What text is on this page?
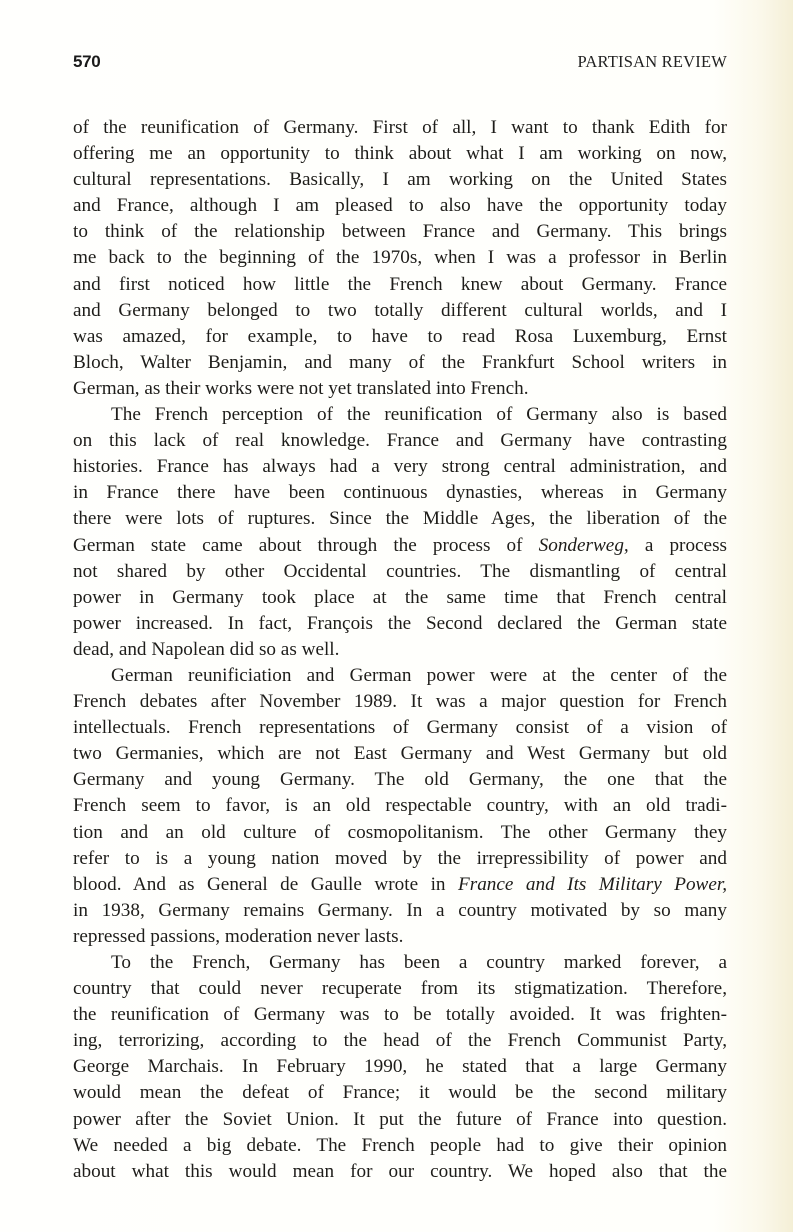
570	PARTISAN REVIEW
of the reunification of Germany. First of all, I want to thank Edith for
offering me an opportunity to think about what I am working on now,
cultural representations. Basically, I am working on the United States
and France, although I am pleased to also have the opportunity today
to think of the relationship between France and Germany. This brings
me back to the beginning of the 1970s, when I was a professor in Berlin
and first noticed how little the French knew about Germany. France
and Germany belonged to two totally different cultural worlds, and I
was amazed, for example, to have to read Rosa Luxemburg, Ernst
Bloch, Walter Benjamin, and many of the Frankfurt School writers in
German, as their works were not yet translated into French.
The French perception of the reunification of Germany also is based
on this lack of real knowledge. France and Germany have contrasting
histories. France has always had a very strong central administration, and
in France there have been continuous dynasties, whereas in Germany
there were lots of ruptures. Since the Middle Ages, the liberation of the
German state came about through the process of Sonderweg, a process
not shared by other Occidental countries. The dismantling of central
power in Germany took place at the same time that French central
power increased. In fact, François the Second declared the German state
dead, and Napolean did so as well.
German reunificiation and German power were at the center of the
French debates after November 1989. It was a major question for French
intellectuals. French representations of Germany consist of a vision of
two Germanies, which are not East Germany and West Germany but old
Germany and young Germany. The old Germany, the one that the
French seem to favor, is an old respectable country, with an old tradi-
tion and an old culture of cosmopolitanism. The other Germany they
refer to is a young nation moved by the irrepressibility of power and
blood. And as General de Gaulle wrote in France and Its Military Power,
in 1938, Germany remains Germany. In a country motivated by so many
repressed passions, moderation never lasts.
To the French, Germany has been a country marked forever, a
country that could never recuperate from its stigmatization. Therefore,
the reunification of Germany was to be totally avoided. It was frighten-
ing, terrorizing, according to the head of the French Communist Party,
George Marchais. In February 1990, he stated that a large Germany
would mean the defeat of France; it would be the second military
power after the Soviet Union. It put the future of France into question.
We needed a big debate. The French people had to give their opinion
about what this would mean for our country. We hoped also that the
